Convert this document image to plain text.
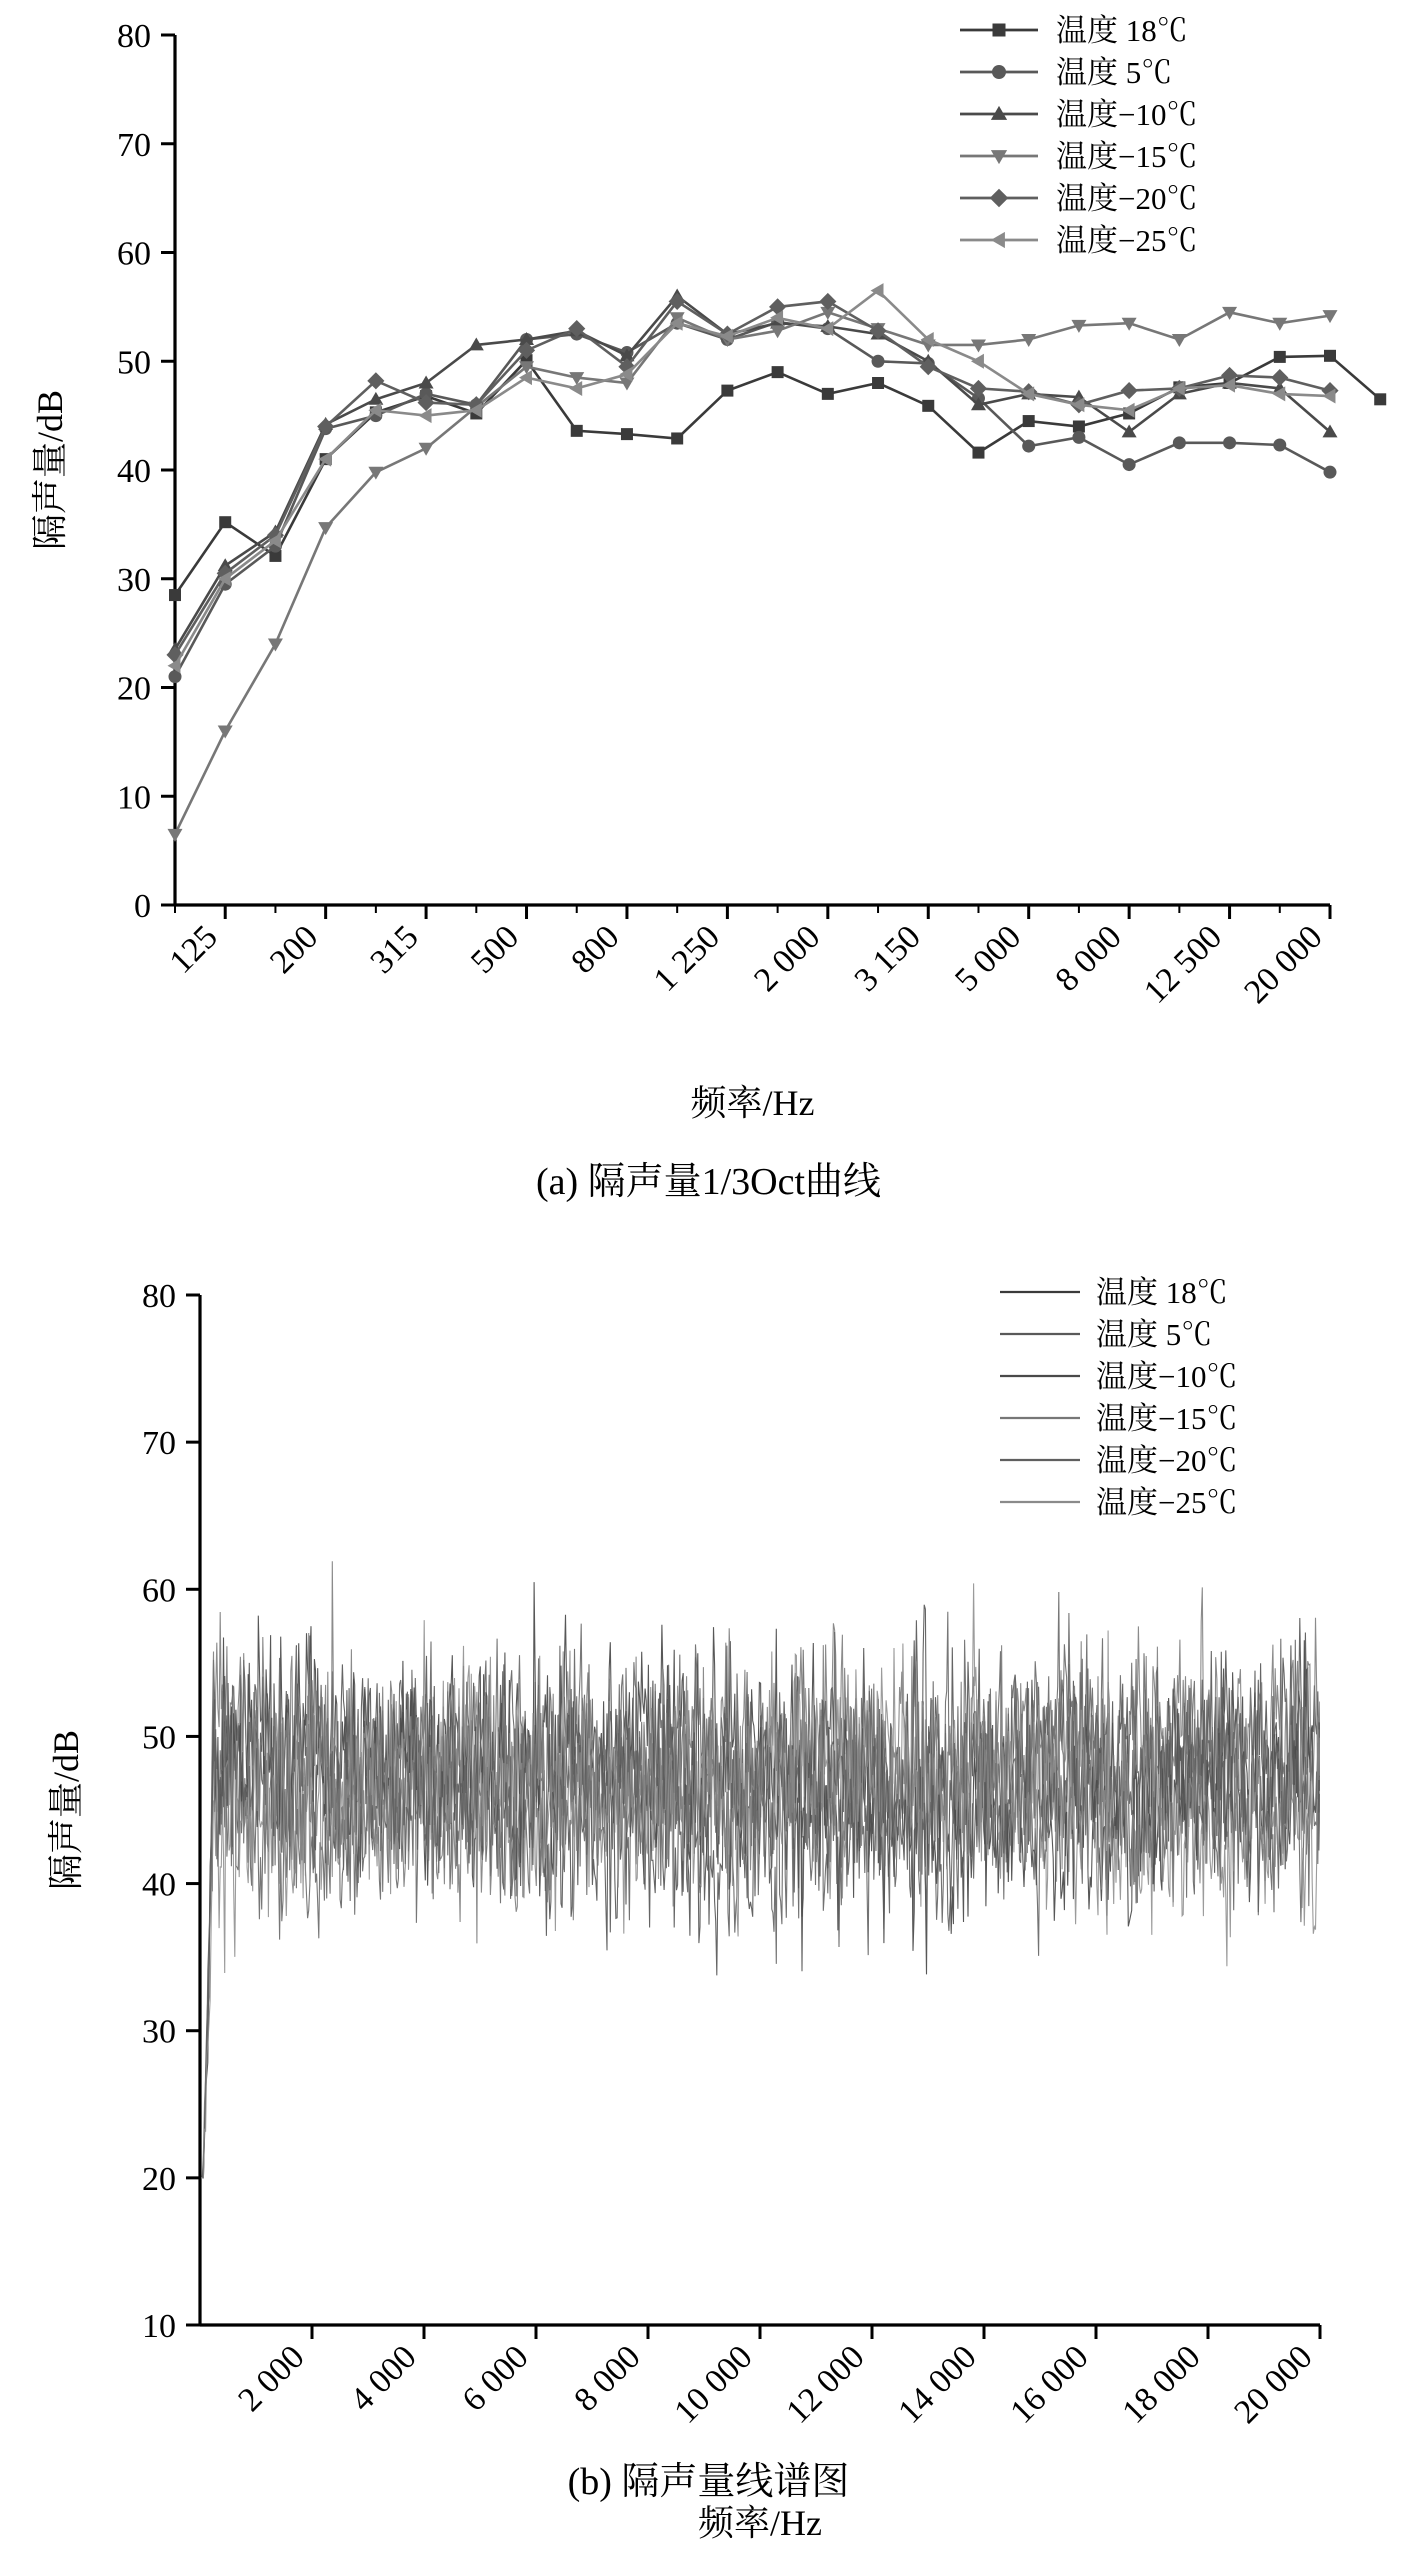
0
10
20
30
40
50
60
70
80
125 200 315 500 800 1 250 2 000 3 150 5 000 8 000 12 500 20 000
隔声量/dB
频率/Hz
温度 18℃
温度 5℃
温度−10℃
温度−15℃
温度−20℃
温度−25℃
(a) 隔声量1/3Oct曲线
10
20
30
40
50
60
70
80
2 000 4 000 6 000 8 000 10 000 12 000 14 000 16 000 18 000 20 000
隔声量/dB
频率/Hz
温度 18℃
温度 5℃
温度−10℃
温度−15℃
温度−20℃
温度−25℃
(b) 隔声量线谱图
